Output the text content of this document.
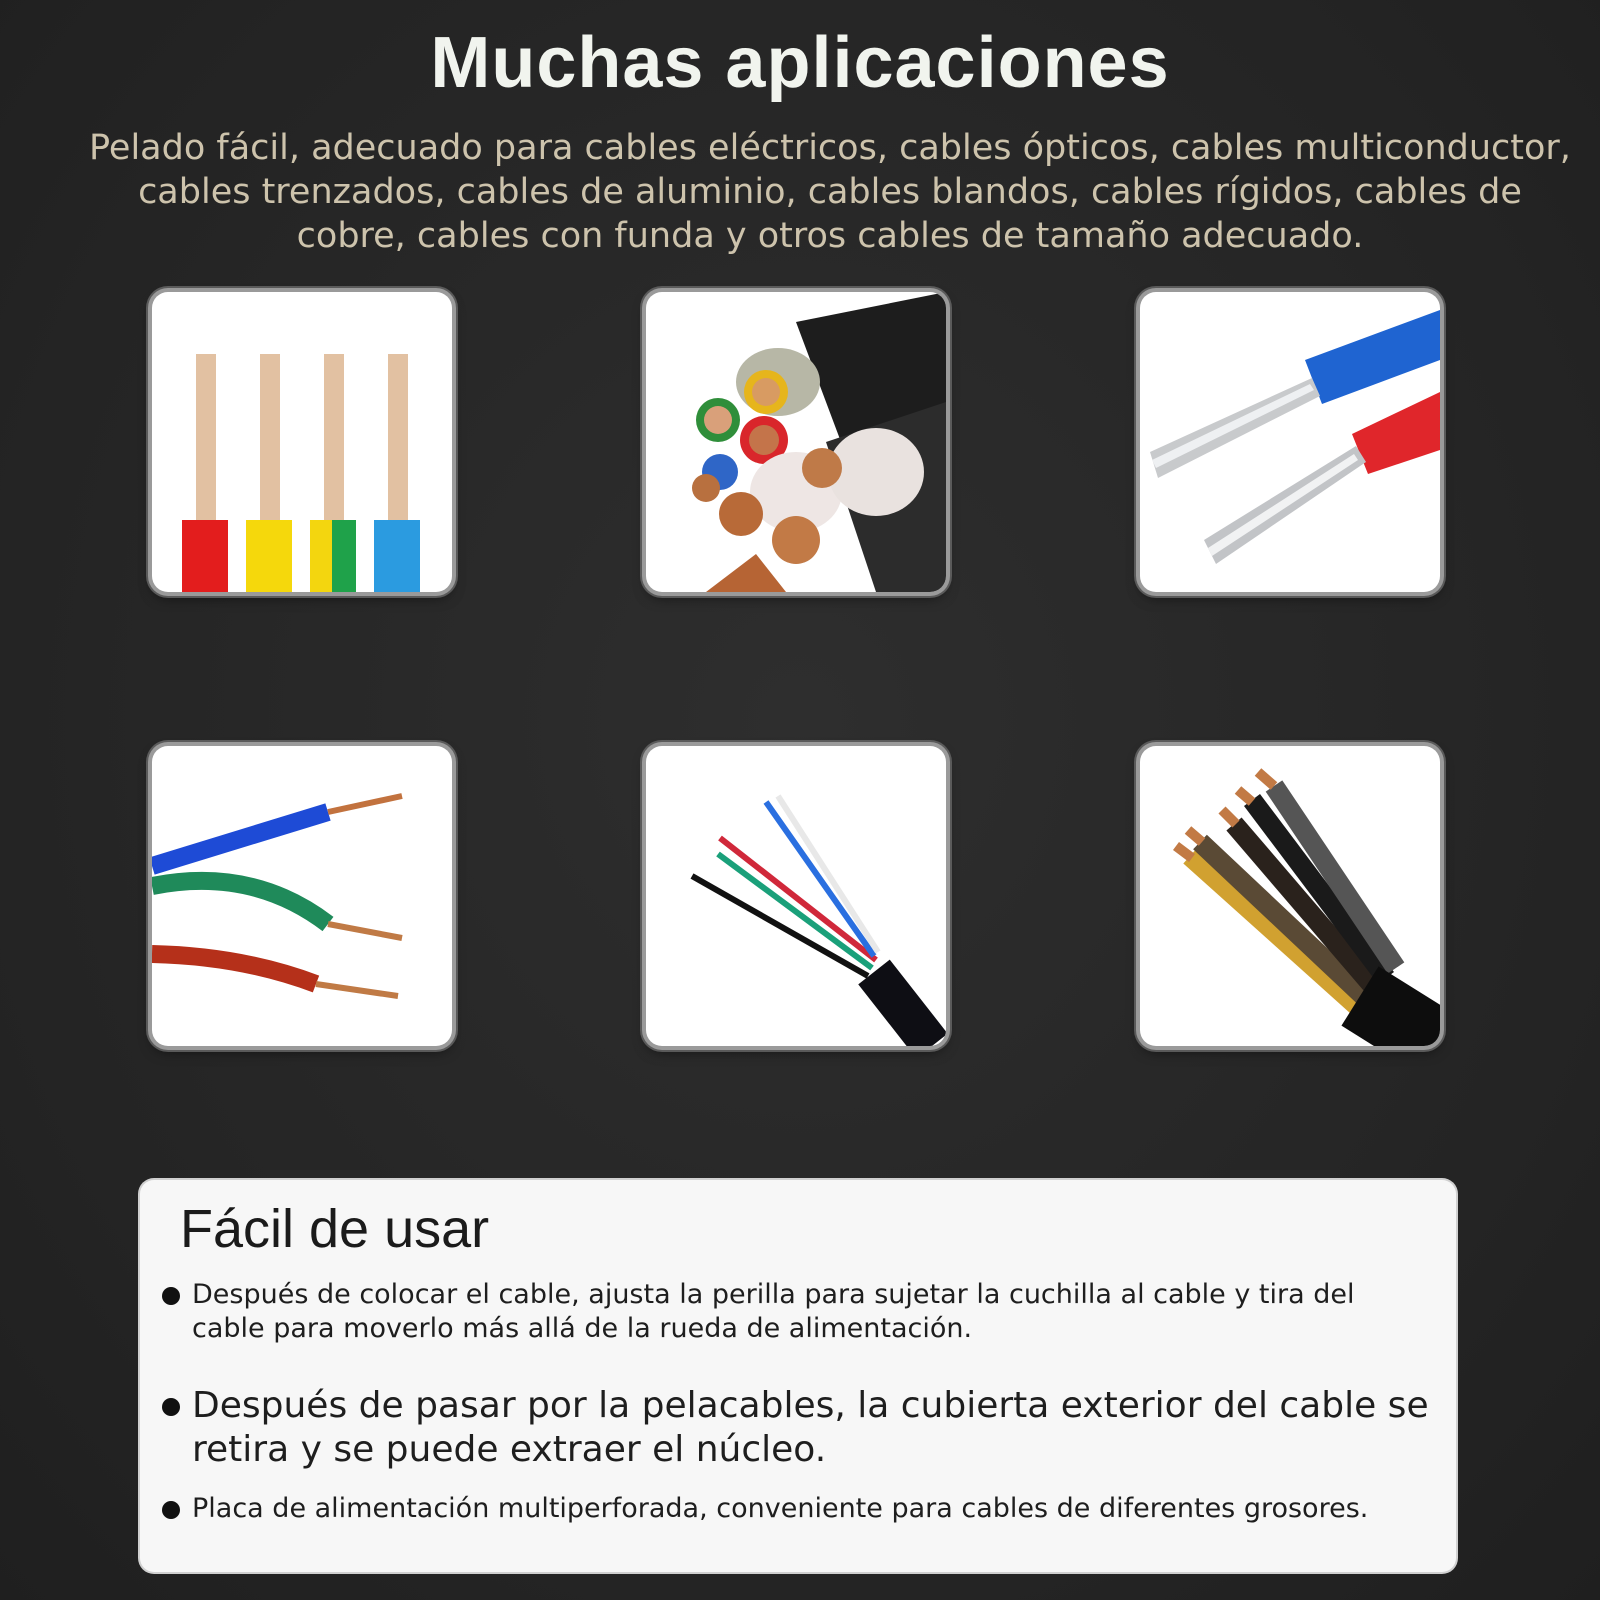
Muchas aplicaciones
Pelado fácil, adecuado para cables eléctricos, cables ópticos, cables multiconductor, cables trenzados, cables de aluminio, cables blandos, cables rígidos, cables de cobre, cables con funda y otros cables de tamaño adecuado.
Fácil de usar
Después de colocar el cable, ajusta la perilla para sujetar la cuchilla al cable y tira del cable para moverlo más allá de la rueda de alimentación.
Después de pasar por la pelacables, la cubierta exterior del cable se retira y se puede extraer el núcleo.
Placa de alimentación multiperforada, conveniente para cables de diferentes grosores.
